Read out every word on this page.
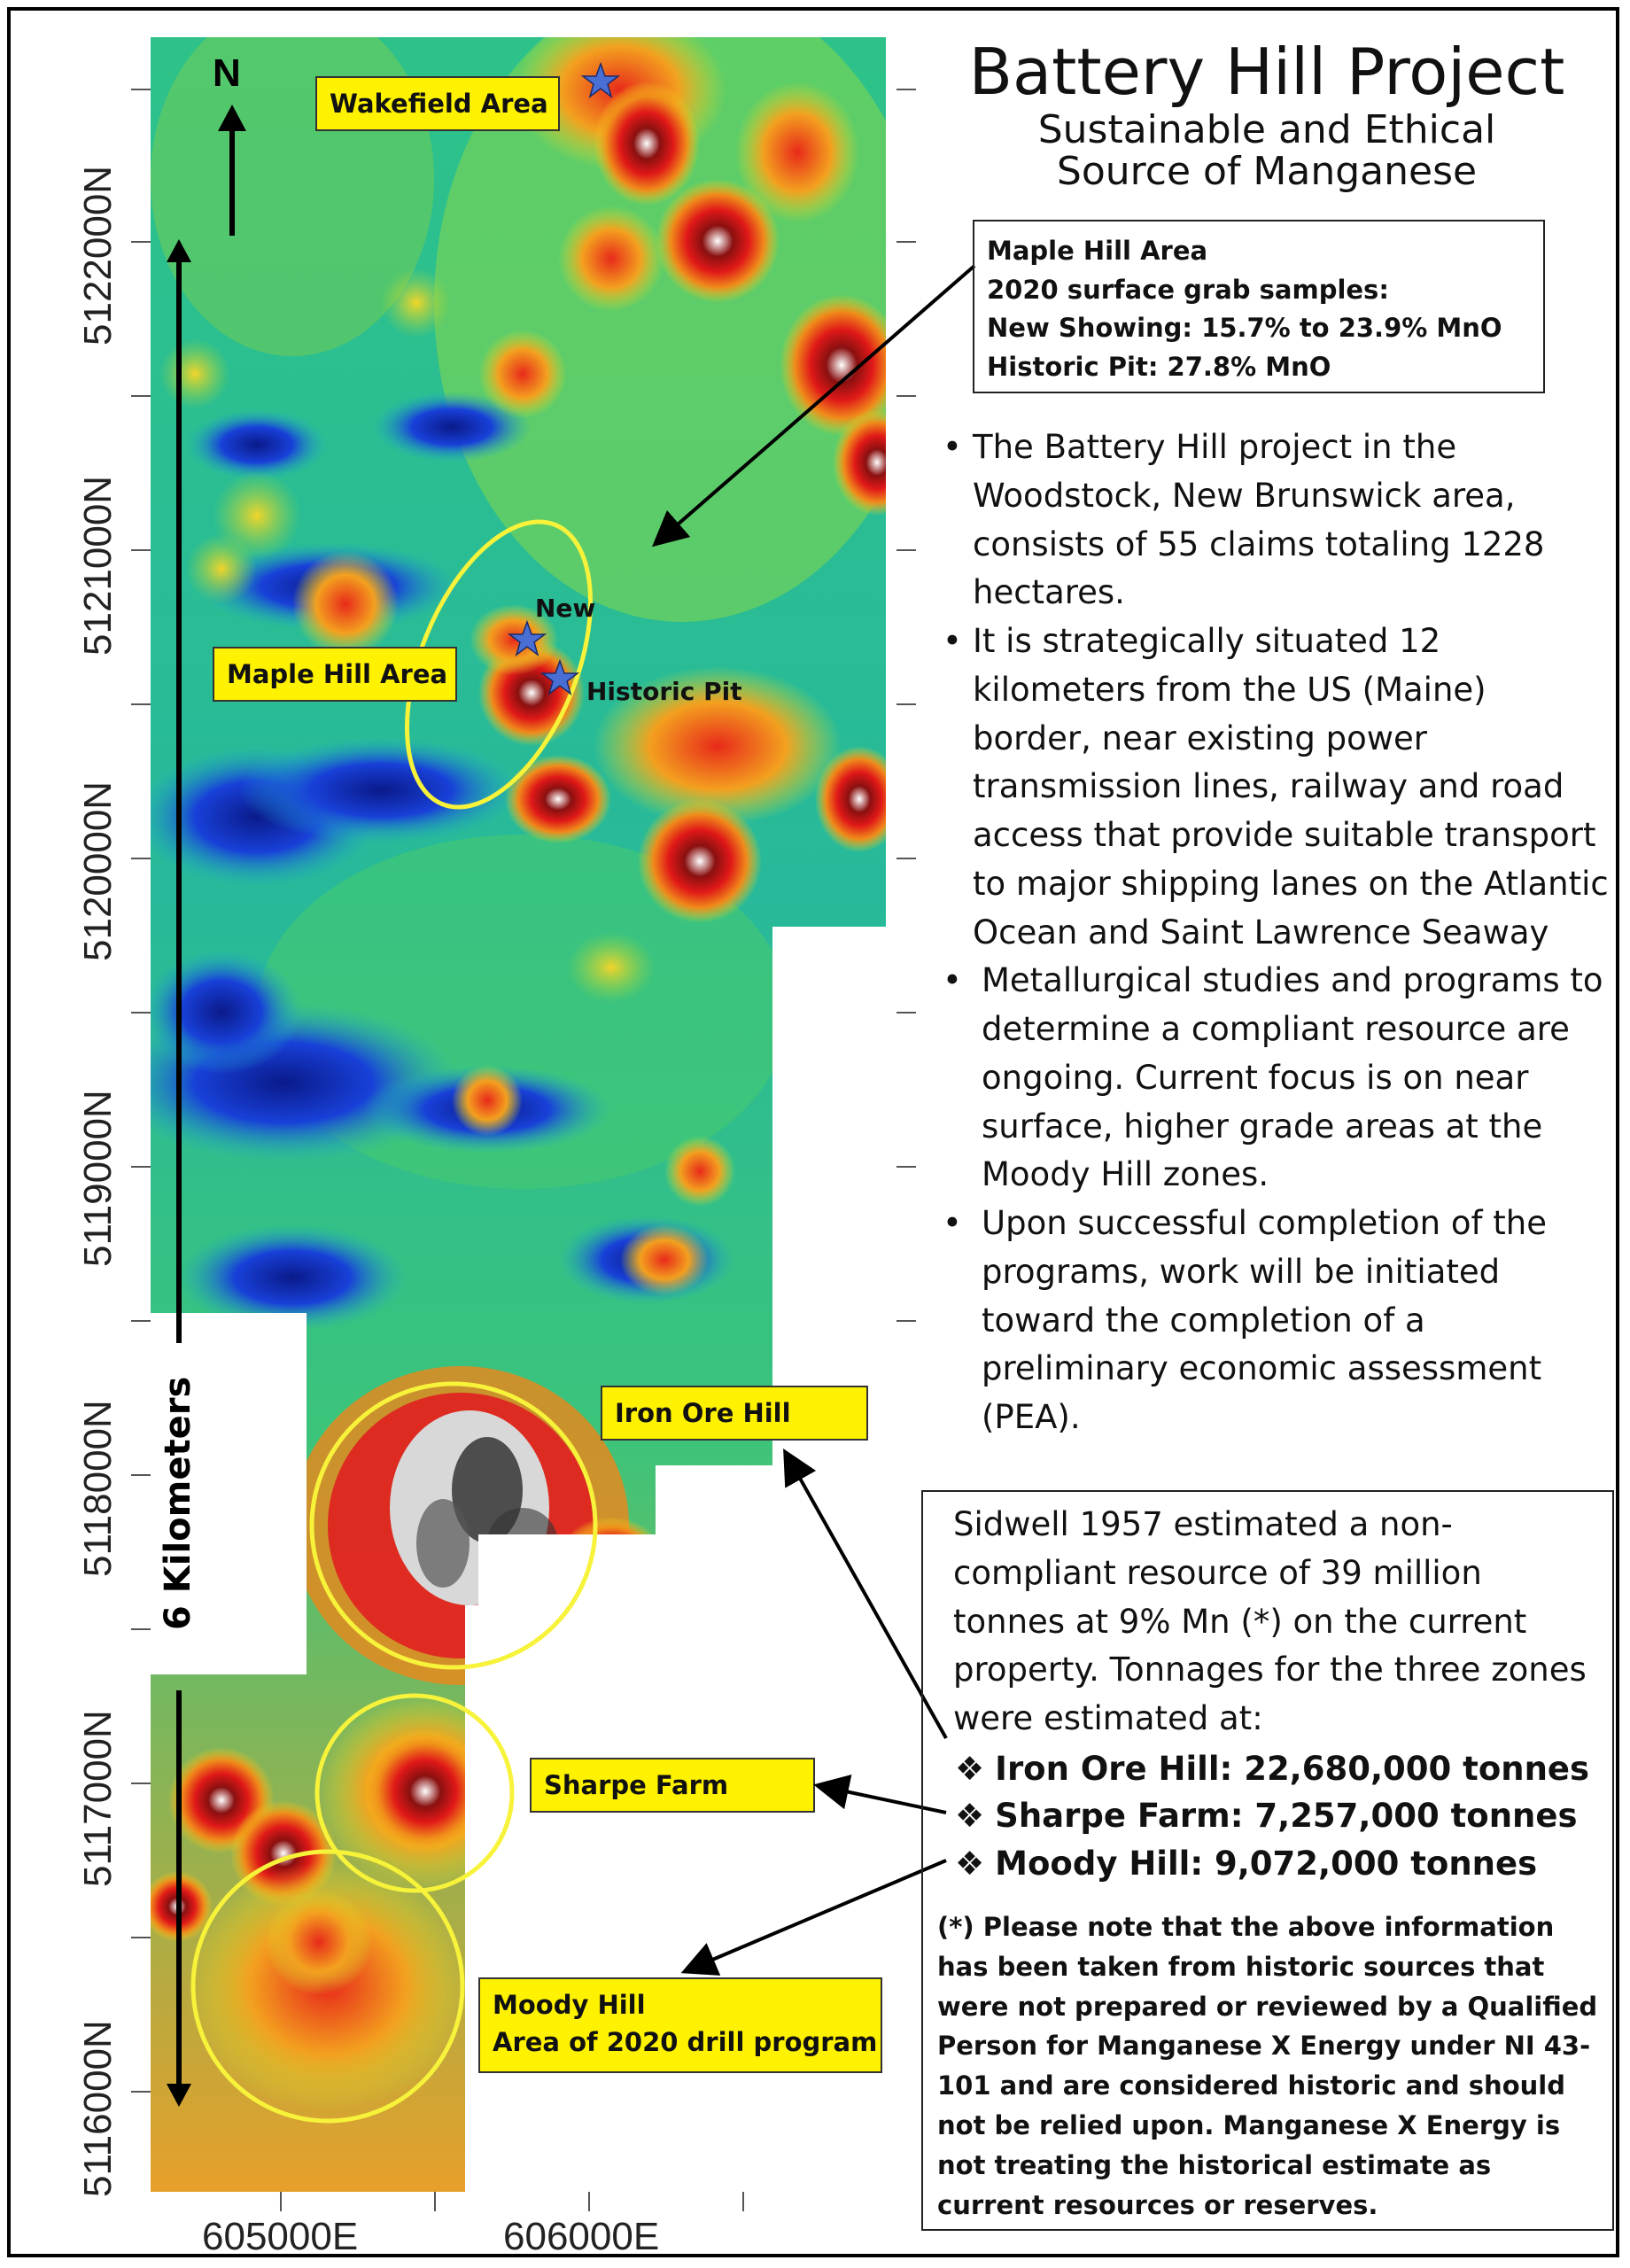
5122000N
5121000N
5120000N
5119000N
5118000N
5117000N
5116000N
605000E	606000E
N
6 Kilometers
Wakefield Area
Maple Hill Area
Iron Ore Hill
Sharpe Farm
Moody Hill
Area of 2020 drill program
New
Historic Pit
Battery Hill Project
Sustainable and Ethical
Source of Manganese
Maple Hill Area
2020 surface grab samples:
New Showing: 15.7% to 23.9% MnO
Historic Pit: 27.8% MnO
• The Battery Hill project in the Woodstock, New Brunswick area, consists of 55 claims totaling 1228 hectares.
• It is strategically situated 12 kilometers from the US (Maine) border, near existing power transmission lines, railway and road access that provide suitable transport to major shipping lanes on the Atlantic Ocean and Saint Lawrence Seaway
• Metallurgical studies and programs to determine a compliant resource are ongoing. Current focus is on near surface, higher grade areas at the Moody Hill zones.
• Upon successful completion of the programs, work will be initiated toward the completion of a preliminary economic assessment (PEA).

Sidwell 1957 estimated a non-compliant resource of 39 million tonnes at 9% Mn (*) on the current property. Tonnages for the three zones were estimated at:

❖ Iron Ore Hill: 22,680,000 tonnes
❖ Sharpe Farm: 7,257,000 tonnes
❖ Moody Hill: 9,072,000 tonnes

(*) Please note that the above information has been taken from historic sources that were not prepared or reviewed by a Qualified Person for Manganese X Energy under NI 43-101 and are considered historic and should not be relied upon. Manganese X Energy is not treating the historical estimate as current resources or reserves.
